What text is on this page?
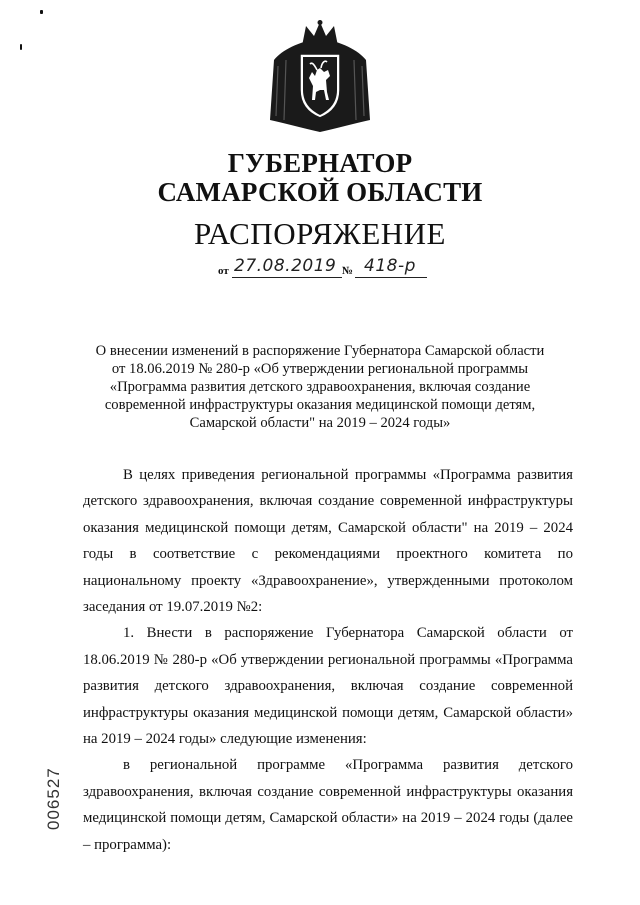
ГУБЕРНАТОР
САМАРСКОЙ ОБЛАСТИ
РАСПОРЯЖЕНИЕ
от 27.08.2019 № 418-р
О внесении изменений в распоряжение Губернатора Самарской области
от 18.06.2019 № 280-р «Об утверждении региональной программы
«Программа развития детского здравоохранения, включая создание
современной инфраструктуры оказания медицинской помощи детям,
Самарской области" на 2019 – 2024 годы»

В целях приведения региональной программы «Программа развития детского здравоохранения, включая создание современной инфраструктуры оказания медицинской помощи детям, Самарской области" на 2019 – 2024 годы в соответствие с рекомендациями проектного комитета по национальному проекту «Здравоохранение», утвержденными протоколом заседания от 19.07.2019 №2:

1. Внести в распоряжение Губернатора Самарской области от 18.06.2019 № 280-р «Об утверждении региональной программы «Программа развития детского здравоохранения, включая создание современной инфраструктуры оказания медицинской помощи детям, Самарской области» на 2019 – 2024 годы» следующие изменения:

в региональной программе «Программа развития детского здравоохранения, включая создание современной инфраструктуры оказания медицинской помощи детям, Самарской области» на 2019 – 2024 годы (далее – программа):

006527
